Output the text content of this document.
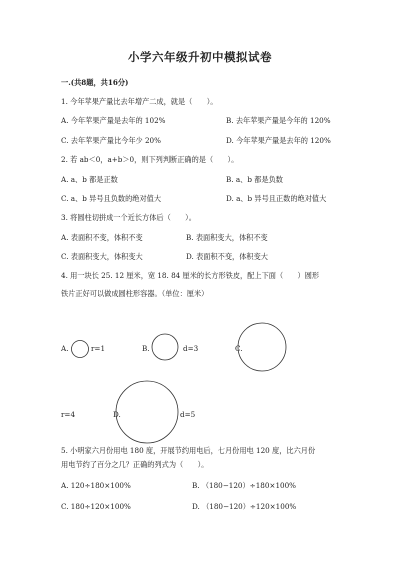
小学六年级升初中模拟试卷
一.(共8题，共16分)
1. 今年苹果产量比去年增产二成，就是（　　）。
A. 今年苹果产量是去年的 102%	B. 去年苹果产量是今年的 120%
C. 去年苹果产量比今年少 20%	D. 今年苹果产量是去年的 120%
2. 若 ab＜0，a+b＞0，则下列判断正确的是（　　）。
A. a、b 都是正数	B. a、b 都是负数
C. a、b 异号且负数的绝对值大	D. a、b 异号且正数的绝对值大
3. 将圆柱切拼成一个近长方体后（　　）。
A. 表面积不变，体积不变	B. 表面积变大，体积不变
C. 表面积变大，体积变大	D. 表面积不变，体积变大
4. 用一块长 25. 12 厘米，宽 18. 84 厘米的长方形铁皮，配上下面（　　）圆形
铁片正好可以做成圆柱形容器。（单位：厘米）
A.	r=1	B.	d=3	C.
r=4	D.	d=5
5. 小明家六月份用电 180 度，开展节约用电后，七月份用电 120 度，比六月份
用电节约了百分之几？正确的列式为（　　）。
A. 120÷180×100%	B. （180−120）÷180×100%
C. 180÷120×100%	D. （180−120）÷120×100%
